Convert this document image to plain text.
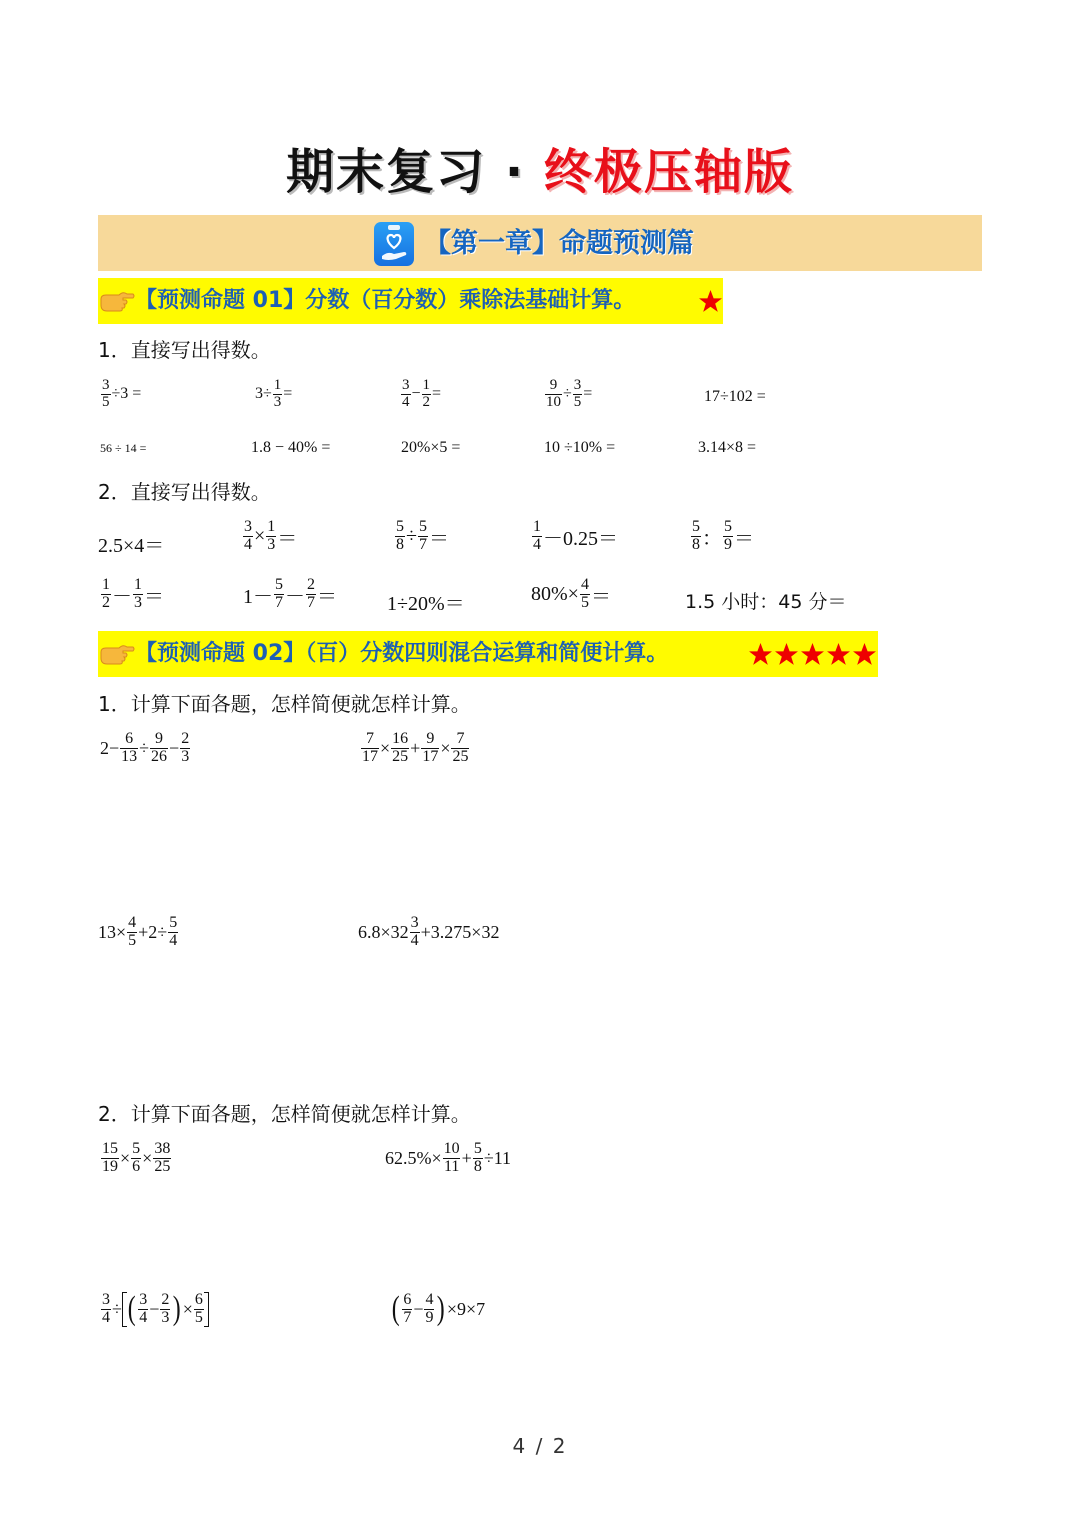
期末复习 · 终极压轴版
【第一章】命题预测篇
【预测命题 01】分数（百分数）乘除法基础计算。
1．直接写出得数。
$\frac{3}{5} \div 3$ =	$3\div \frac{1}{3}$ =	$\frac{3}{4} - \frac{1}{2}$ =	$\frac{9}{10} \div \frac{3}{5}$ =	17÷102 =
56 ÷ 14 =	1.8 − 40% =	20%×5 =	10 ÷10% =	3.14×8 =
2．直接写出得数。
2.5×4＝	$\frac{3}{4} \times \frac{1}{3}$ ＝	$\frac{5}{8} \div \frac{5}{7}$ ＝	$\frac{1}{4} -0.25=$	$\frac{5}{8}$ ： $\frac{5}{9}$ ＝
$\frac{1}{2} - \frac{1}{3}$ ＝	$1- \frac{5}{7} - \frac{2}{7}$ ＝	1÷20%＝	$80\%\times \frac{4}{5}$ ＝	1.5 小时：45 分＝
【预测命题 02】（百）分数四则混合运算和简便计算。
1．计算下面各题，怎样简便就怎样计算。
$2- \frac{6}{13} \div \frac{9}{26} - \frac{2}{3}$	$\frac{7}{17} \times \frac{16}{25} + \frac{9}{17} \times \frac{7}{25}$
$13\times \frac{4}{5} +2\div \frac{5}{4}$	$6.8\times 32 \frac{3}{4} +3.275\times 32$
2．计算下面各题，怎样简便就怎样计算。
$\frac{15}{19} \times \frac{5}{6} \times \frac{38}{25}$	$62.5\%\times \frac{10}{11} + \frac{5}{8} \div 11$
$\frac{3}{4}$ ÷ ( $\frac{3}{4} - \frac{2}{3}$ ) × $\frac{6}{5}$	( $\frac{6}{7} - \frac{4}{9}$ ) ×9×7
4 / 2
